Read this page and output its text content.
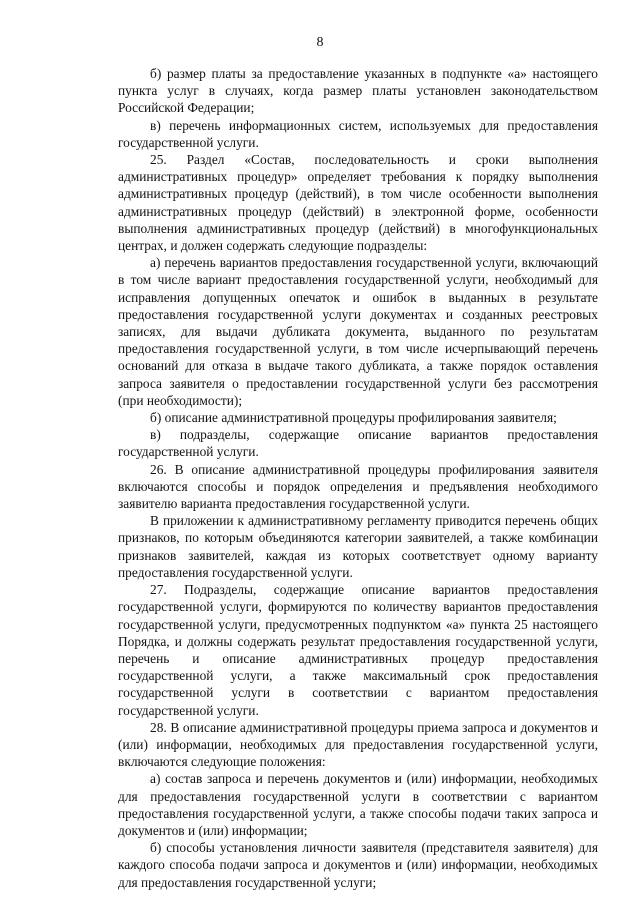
8

б) размер платы за предоставление указанных в подпункте «а» настоящего пункта услуг в случаях, когда размер платы установлен законодательством Российской Федерации;

в) перечень информационных систем, используемых для предоставления государственной услуги.

25. Раздел «Состав, последовательность и сроки выполнения административных процедур» определяет требования к порядку выполнения административных процедур (действий), в том числе особенности выполнения административных процедур (действий) в электронной форме, особенности выполнения административных процедур (действий) в многофункциональных центрах, и должен содержать следующие подразделы:

а) перечень вариантов предоставления государственной услуги, включающий в том числе вариант предоставления государственной услуги, необходимый для исправления допущенных опечаток и ошибок в выданных в результате предоставления государственной услуги документах и созданных реестровых записях, для выдачи дубликата документа, выданного по результатам предоставления государственной услуги, в том числе исчерпывающий перечень оснований для отказа в выдаче такого дубликата, а также порядок оставления запроса заявителя о предоставлении государственной услуги без рассмотрения (при необходимости);

б) описание административной процедуры профилирования заявителя;

в) подразделы, содержащие описание вариантов предоставления государственной услуги.

26. В описание административной процедуры профилирования заявителя включаются способы и порядок определения и предъявления необходимого заявителю варианта предоставления государственной услуги.

В приложении к административному регламенту приводится перечень общих признаков, по которым объединяются категории заявителей, а также комбинации признаков заявителей, каждая из которых соответствует одному варианту предоставления государственной услуги.

27. Подразделы, содержащие описание вариантов предоставления государственной услуги, формируются по количеству вариантов предоставления государственной услуги, предусмотренных подпунктом «а» пункта 25 настоящего Порядка, и должны содержать результат предоставления государственной услуги, перечень и описание административных процедур предоставления государственной услуги, а также максимальный срок предоставления государственной услуги в соответствии с вариантом предоставления государственной услуги.

28. В описание административной процедуры приема запроса и документов и (или) информации, необходимых для предоставления государственной услуги, включаются следующие положения:

а) состав запроса и перечень документов и (или) информации, необходимых для предоставления государственной услуги в соответствии с вариантом предоставления государственной услуги, а также способы подачи таких запроса и документов и (или) информации;

б) способы установления личности заявителя (представителя заявителя) для каждого способа подачи запроса и документов и (или) информации, необходимых для предоставления государственной услуги;
